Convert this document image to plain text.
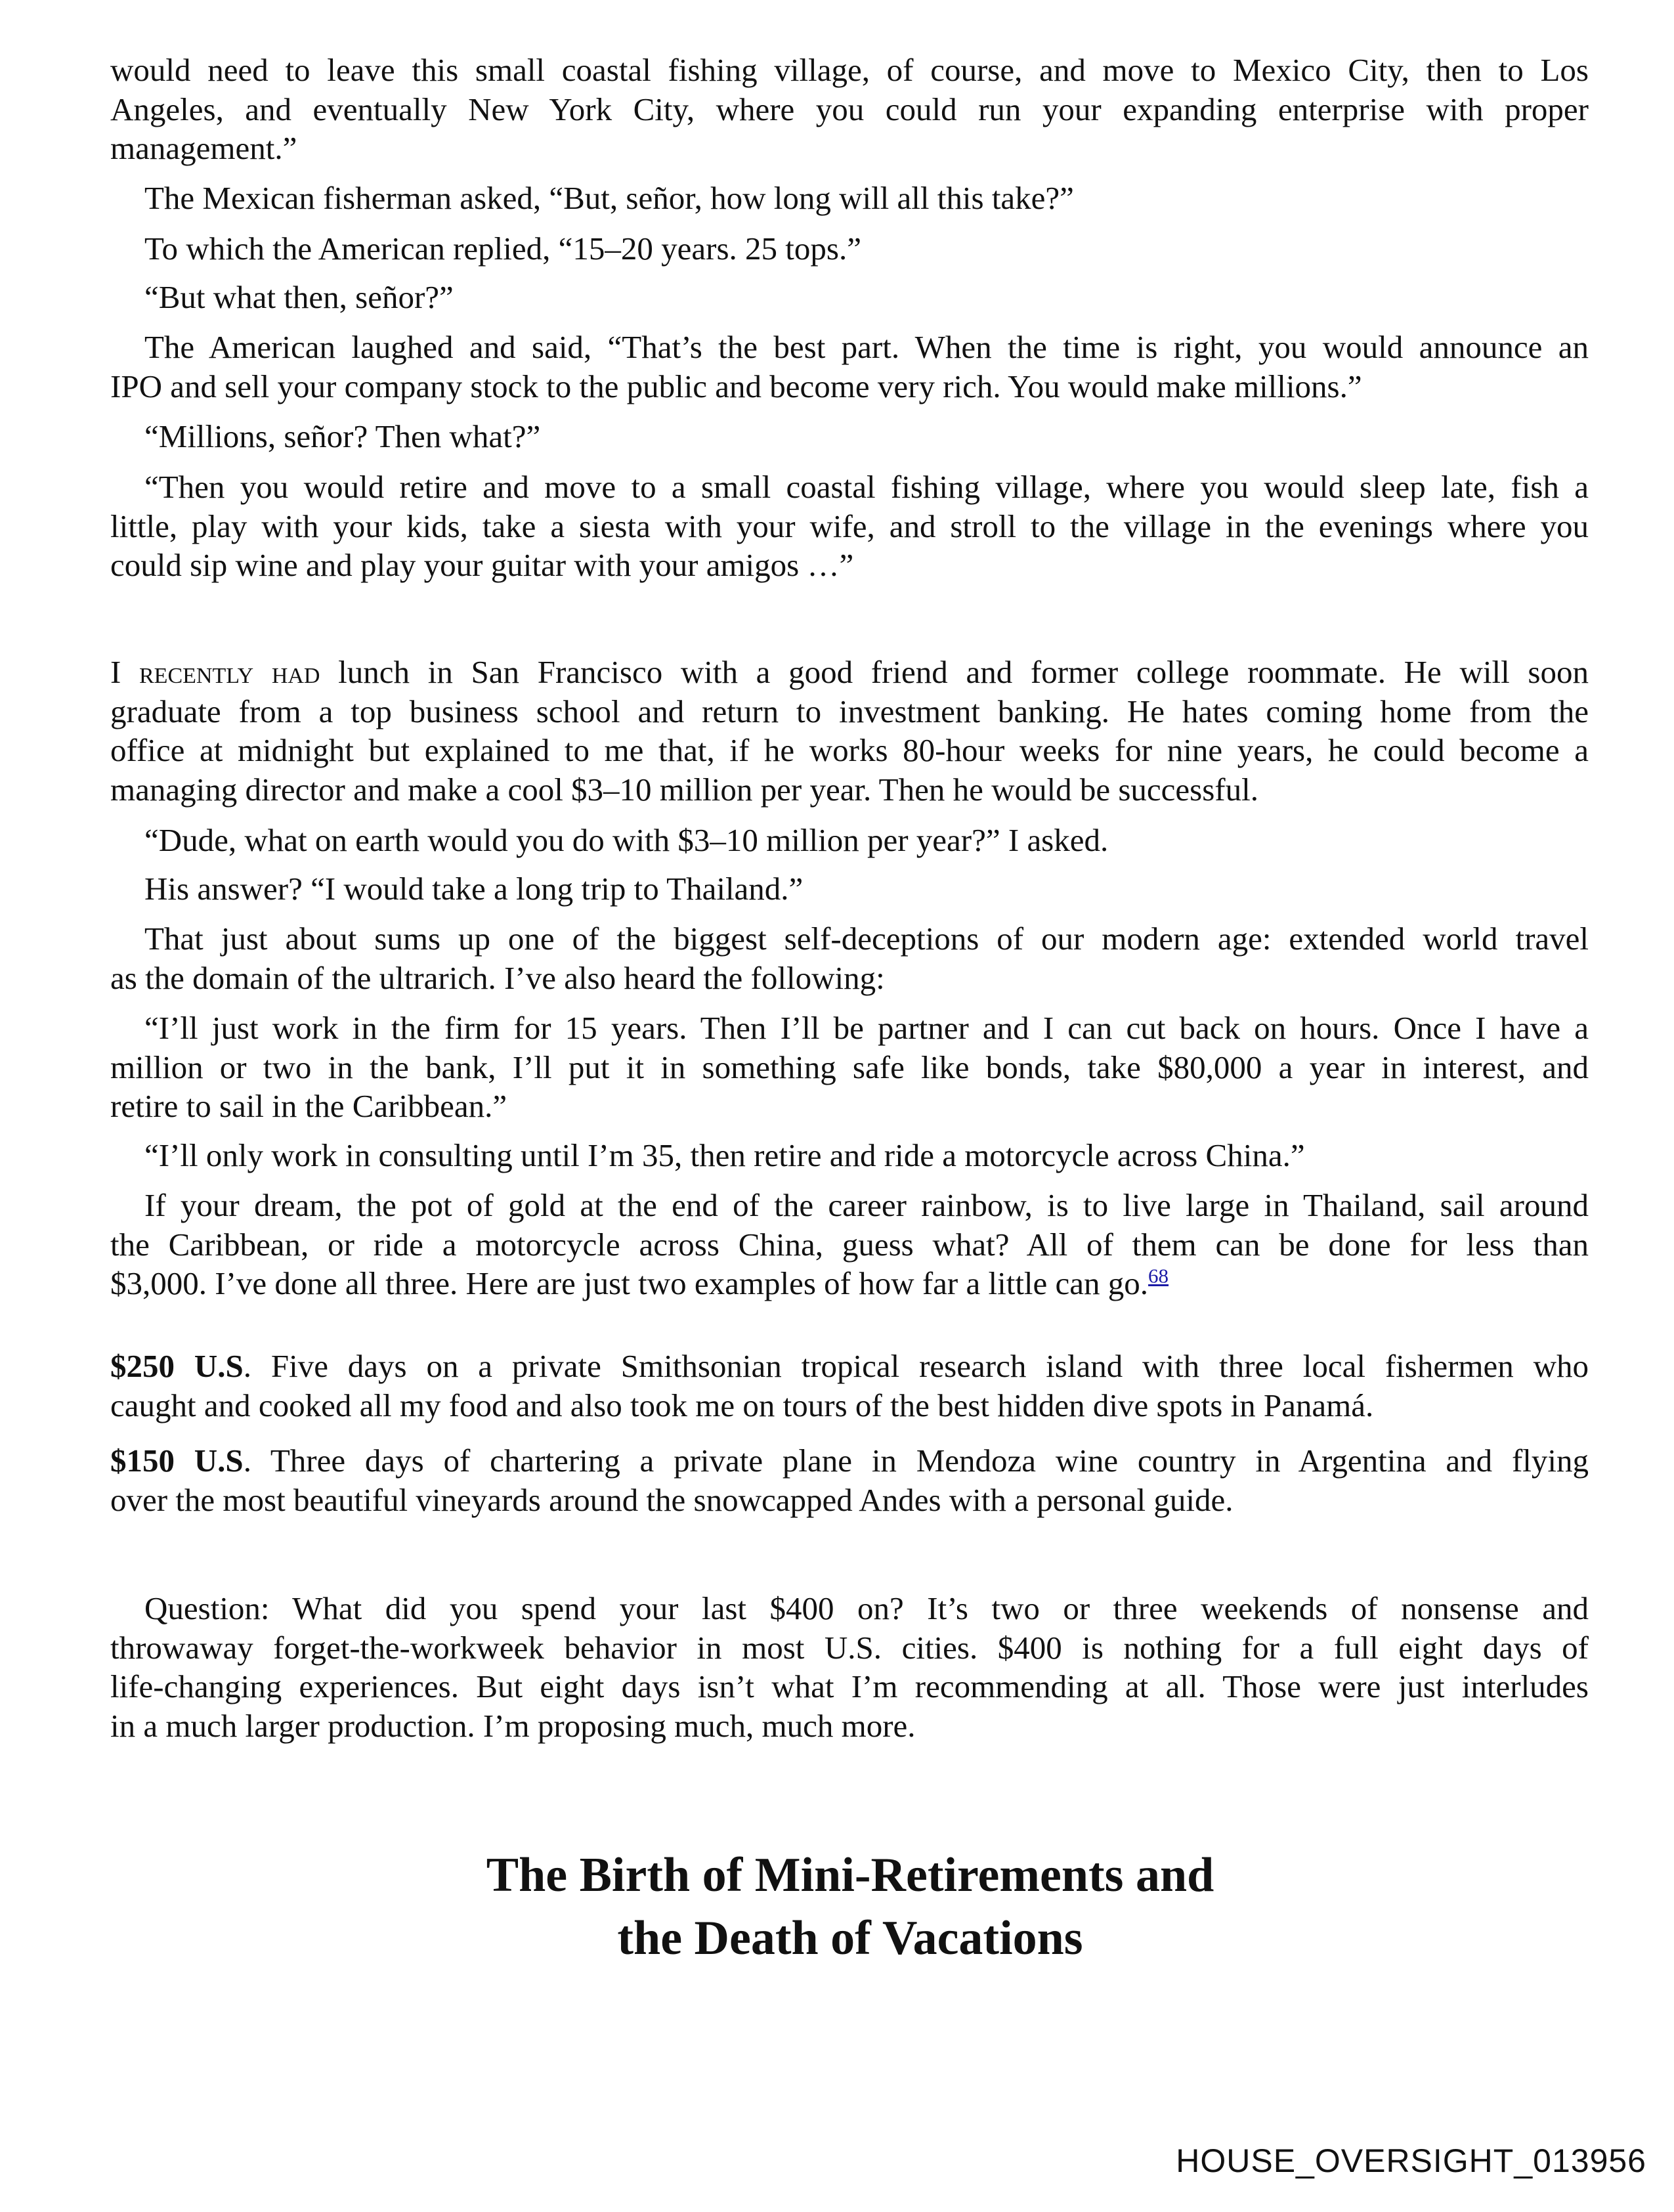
would need to leave this small coastal fishing village, of course, and move to Mexico City, then to Los
Angeles, and eventually New York City, where you could run your expanding enterprise with proper
management.”
The Mexican fisherman asked, “But, señor, how long will all this take?”
To which the American replied, “15–20 years. 25 tops.”
“But what then, señor?”
The American laughed and said, “That’s the best part. When the time is right, you would announce an
IPO and sell your company stock to the public and become very rich. You would make millions.”
“Millions, señor? Then what?”
“Then you would retire and move to a small coastal fishing village, where you would sleep late, fish a
little, play with your kids, take a siesta with your wife, and stroll to the village in the evenings where you
could sip wine and play your guitar with your amigos …”
I recently had lunch in San Francisco with a good friend and former college roommate. He will soon
graduate from a top business school and return to investment banking. He hates coming home from the
office at midnight but explained to me that, if he works 80-hour weeks for nine years, he could become a
managing director and make a cool $3–10 million per year. Then he would be successful.
“Dude, what on earth would you do with $3–10 million per year?” I asked.
His answer? “I would take a long trip to Thailand.”
That just about sums up one of the biggest self-deceptions of our modern age: extended world travel
as the domain of the ultrarich. I’ve also heard the following:
“I’ll just work in the firm for 15 years. Then I’ll be partner and I can cut back on hours. Once I have a
million or two in the bank, I’ll put it in something safe like bonds, take $80,000 a year in interest, and
retire to sail in the Caribbean.”
“I’ll only work in consulting until I’m 35, then retire and ride a motorcycle across China.”
If your dream, the pot of gold at the end of the career rainbow, is to live large in Thailand, sail around
the Caribbean, or ride a motorcycle across China, guess what? All of them can be done for less than
$3,000. I’ve done all three. Here are just two examples of how far a little can go.$^{68}$
$250 U.S. Five days on a private Smithsonian tropical research island with three local fishermen who
caught and cooked all my food and also took me on tours of the best hidden dive spots in Panamá.
$150 U.S. Three days of chartering a private plane in Mendoza wine country in Argentina and flying
over the most beautiful vineyards around the snowcapped Andes with a personal guide.
Question: What did you spend your last $400 on? It’s two or three weekends of nonsense and
throwaway forget-the-workweek behavior in most U.S. cities. $400 is nothing for a full eight days of
life-changing experiences. But eight days isn’t what I’m recommending at all. Those were just interludes
in a much larger production. I’m proposing much, much more.
The Birth of Mini-Retirements and
the Death of Vacations
HOUSE_OVERSIGHT_013956
